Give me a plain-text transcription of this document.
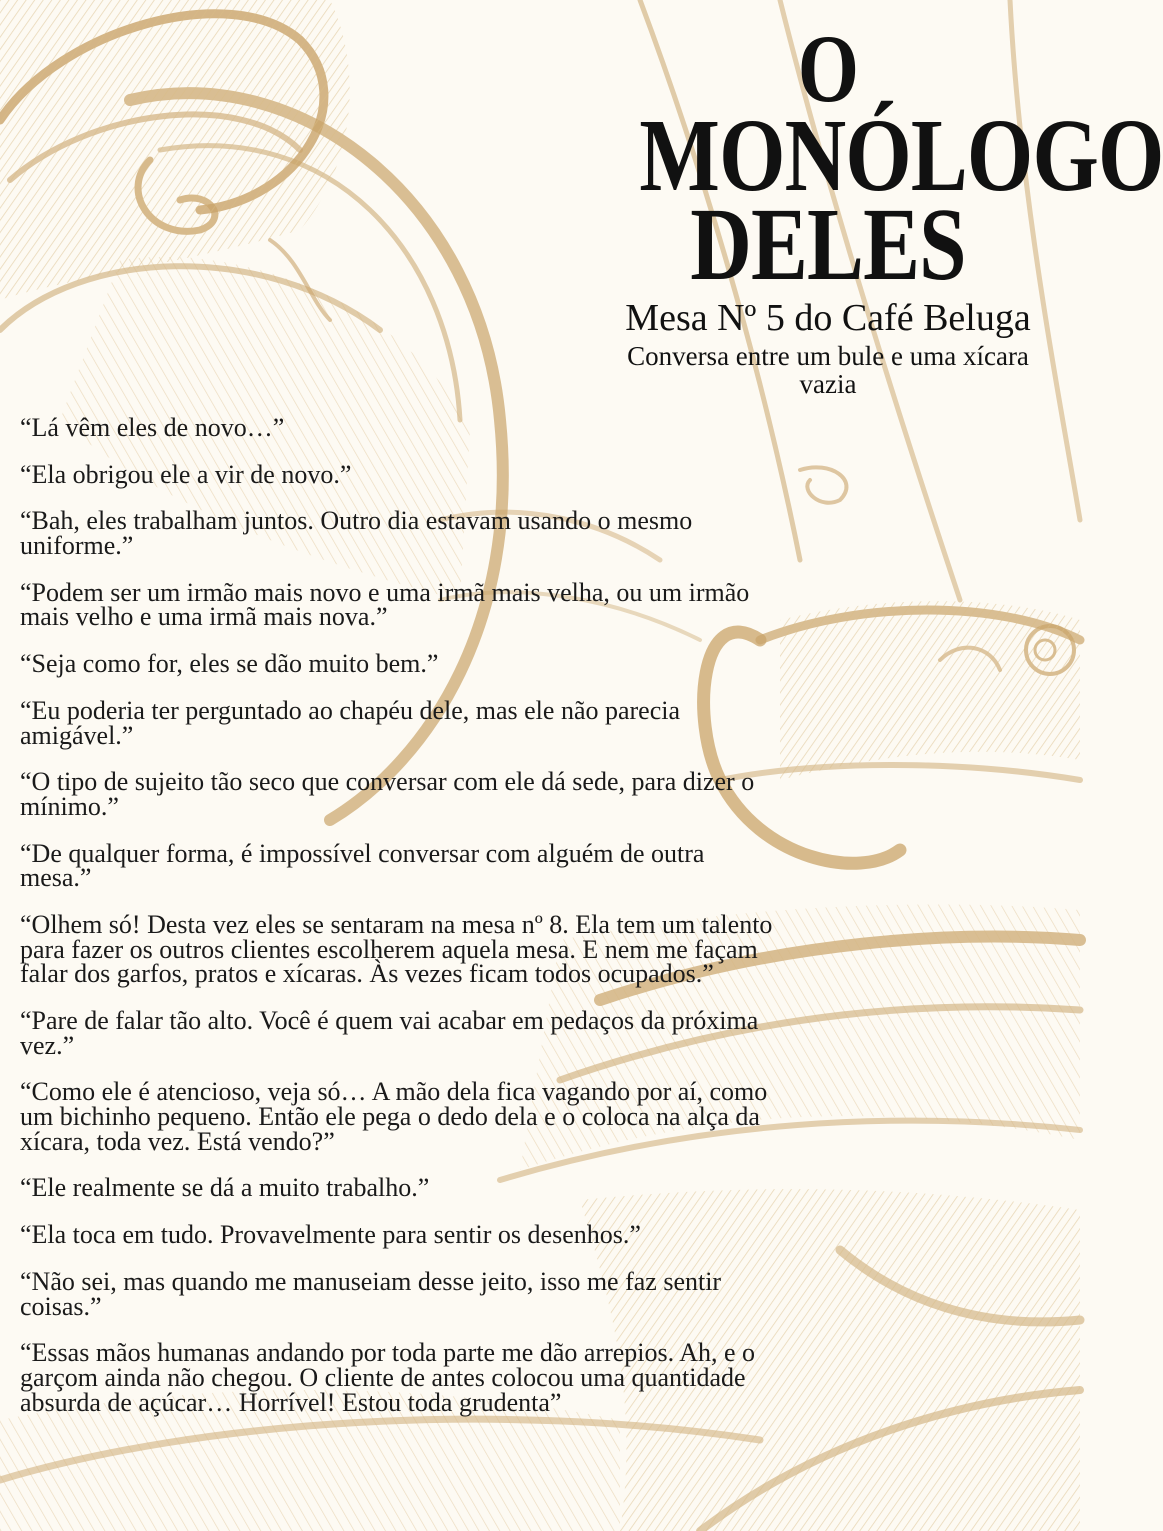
O
MONÓLOGO
DELES
Mesa Nº 5 do Café Beluga
Conversa entre um bule e uma xícara vazia

“Lá vêm eles de novo…”

“Ela obrigou ele a vir de novo.”

“Bah, eles trabalham juntos. Outro dia estavam usando o mesmo uniforme.”

“Podem ser um irmão mais novo e uma irmã mais velha, ou um irmão mais velho e uma irmã mais nova.”

“Seja como for, eles se dão muito bem.”

“Eu poderia ter perguntado ao chapéu dele, mas ele não parecia amigável.”

“O tipo de sujeito tão seco que conversar com ele dá sede, para dizer o mínimo.”

“De qualquer forma, é impossível conversar com alguém de outra mesa.”

“Olhem só! Desta vez eles se sentaram na mesa nº 8. Ela tem um talento para fazer os outros clientes escolherem aquela mesa. E nem me façam falar dos garfos, pratos e xícaras. Às vezes ficam todos ocupados.”

“Pare de falar tão alto. Você é quem vai acabar em pedaços da próxima vez.”

“Como ele é atencioso, veja só… A mão dela fica vagando por aí, como um bichinho pequeno. Então ele pega o dedo dela e o coloca na alça da xícara, toda vez. Está vendo?”

“Ele realmente se dá a muito trabalho.”

“Ela toca em tudo. Provavelmente para sentir os desenhos.”

“Não sei, mas quando me manuseiam desse jeito, isso me faz sentir coisas.”

“Essas mãos humanas andando por toda parte me dão arrepios. Ah, e o garçom ainda não chegou. O cliente de antes colocou uma quantidade absurda de açúcar… Horrível! Estou toda grudenta”
